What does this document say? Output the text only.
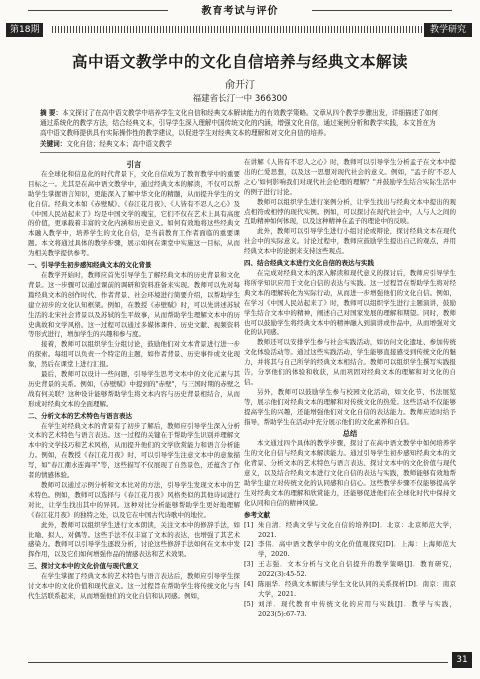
教育考试与评价
第18期	教学研究
高中语文教学中的文化自信培养与经典文本解读
俞开汀
福建省长汀一中 366300
摘 要：本文探讨了在高中语文教学中培养学生文化自信和经典文本解读能力的有效教学策略。文章从四个教学步骤出发，详细描述了如何通过系统化的教学方法，结合经典文本，引导学生深入理解中国传统文化的内涵，增强文化自信，通过案例分析和教学实践，本文旨在为高中语文教师提供具有实际操作性的教学建议，以促进学生对经典文本的理解和对文化自信的培养。
关键词：文化自信；经典文本；高中语文教学

引言

在全球化和信息化的时代背景下，文化自信成为了教育教学中的重要目标之一。尤其是在高中语文教学中，通过经典文本的解读，不仅可以帮助学生掌握语言知识，更能深入了解中华文化的精髓，从而提升学生的文化自信。经典文本如《赤壁赋》、《春江花月夜》、《人皆有不忍人之心》及《中国人民站起来了》均是中国文学的瑰宝，它们不仅在艺术上具有高度的价值，更承载着丰富的文化内涵和历史意义。如何有效地将这些经典文本融入教学中，培养学生的文化自信，是当前教育工作者面临的重要课题。本文将通过具体的教学步骤，展示如何在课堂中实施这一目标，从而为相关教学提供参考。

一、引导学生初步感知经典文本的文化背景

在教学开始时，教师应首先引导学生了解经典文本的历史背景和文化背景。这一步骤可以通过课前的调研和资料准备来实现。教师可以先对每篇经典文本的创作时代、作者背景、社会环境进行简要介绍，以帮助学生建立初步的文化认知框架。例如，在教授《赤壁赋》时，可以先讲述苏轼生活的北宋社会背景以及苏轼的生平故事，从而帮助学生理解文本中的历史典故和文学风格。这一过程可以通过多媒体课件、历史文献、视频资料等形式进行，增加学生的兴趣和参与度。

接着，教师可以组织学生分组讨论，鼓励他们对文本背景进行进一步的探索。每组可以负责一个特定的主题，如作者背景、历史事件或文化现象，然后在课堂上进行汇报。

最后，教师可以设计一些问题，引导学生思考文本中的文化元素与其历史背景的关系。例如，《赤壁赋》中提到的"赤壁"，与三国时期的赤壁之战有何关联？这种设计能够帮助学生将文本内容与历史背景相结合，从而形成对经典文本的全面理解。

二、分析文本的艺术特色与语言表达

在学生对经典文本的背景有了初步了解后，教师应引导学生深入分析文本的艺术特色与语言表达。这一过程的关键在于帮助学生识别并理解文本中的文学技巧和艺术风格，从而提升他们的文学欣赏能力和语言分析能力。例如，在教授《春江花月夜》时，可以引导学生注意文本中的意象描写，如"春江潮水连海平"等，这些描写不仅展现了自然景色，还蕴含了作者的情感体验。

教师可以通过示例分析和文本比对的方法，引导学生发现文本中的艺术特色。例如，教师可以选择与《春江花月夜》风格类似的其他诗词进行对比，让学生找出其中的异同。这种对比分析能够帮助学生更好地理解《春江花月夜》的独特之处，以及它在中国古代诗歌中的地位。

此外，教师可以组织学生进行文本朗读，关注文本中的修辞手法，如比喻、拟人、对偶等。这些手法不仅丰富了文本的表达，也增强了其艺术感染力。教师可以引导学生逐段分析，讨论这些修辞手法如何在文本中发挥作用，以及它们如何增强作品的情感表达和艺术效果。

三、探讨文本中的文化价值与现代意义

在学生掌握了经典文本的艺术特色与语言表达后，教师应引导学生探讨文本中的文化价值和现代意义。这一过程旨在帮助学生将传统文化与当代生活联系起来，从而增强他们的文化自信和认同感。例如，

在讲解《人皆有不忍人之心》时，教师可以引导学生分析孟子在文本中提出的仁爱思想，以及这一思想对现代社会的意义。例如，"孟子的'不忍人之心'如何影响我们对现代社会伦理的理解？"并鼓励学生结合实际生活中的例子进行讨论。

教师可以组织学生进行案例分析，让学生找出与经典文本中提出的观点相符或相悖的现代实例。例如，可以探讨在现代社会中，人与人之间的互助精神如何体现，以及这种精神在孟子的理论中的反映。

此外，教师可以引导学生进行小组讨论或辩论，探讨经典文本在现代社会中的实际意义。讨论过程中，教师应鼓励学生提出自己的观点，并用经典文本中的论据来支持这些观点。

四、结合经典文本进行文化自信的表达与实践

在完成对经典文本的深入解读和现代意义的探讨后，教师应引导学生将所学知识应用于文化自信的表达与实践。这一过程旨在帮助学生将对经典文本的理解转化为实际行动，从而进一步增强他们的文化自信。例如，在学习《中国人民站起来了》时，教师可以组织学生进行主题演讲，鼓励学生结合文本中的精神，阐述自己对国家发展的理解和期望。同时，教师也可以鼓励学生将经典文本中的精神融入到演讲或作品中，从而增强对文化的认同感。

教师还可以安排学生参与社会实践活动，如访问文化遗址、参加传统文化体验活动等。通过这些实践活动，学生能够直接感受到传统文化的魅力，并将其与自己所学的经典文本相结合。教师可以组织学生撰写实践报告，分享他们的体验和收获，从而巩固对经典文本的理解和对文化的自信。

另外，教师可以鼓励学生参与校园文化活动，如文化节、书法展览等，展示他们对经典文本的理解和对传统文化的热爱。这些活动不仅能够提高学生的兴趣，还能增强他们对文化自信的表达能力。教师应适时给予指导，帮助学生在活动中充分展示他们的文化素养和自信。

总结

本文通过四个具体的教学步骤，探讨了在高中语文教学中如何培养学生的文化自信与经典文本解读能力。通过引导学生初步感知经典文本的文化背景、分析文本的艺术特色与语言表达、探讨文本中的文化价值与现代意义，以及结合经典文本进行文化自信的表达与实践，教师能够有效地帮助学生建立对传统文化的认同感和自信心。这些教学步骤不仅能够提高学生对经典文本的理解和欣赏能力，还能够促进他们在全球化时代中保持文化认同和自信的精神风貌。

参考文献

[1] 朱自清．经典文学与文化自信的培养[D]．北京：北京师范大学，2021.

[2] 李伟．高中语文教学中的文化价值观探究[D]．上海：上海师范大学，2020.

[3] 王志强．文本分析与文化自信提升的教学策略[J]．教育研究，2022(3):45-52.

[4] 陈丽华．经典文本解读与学生文化认同的关系探析[D]．南京：南京大学，2021.

[5] 刘洋．现代教育中传统文化的应用与实践[J]．教学与实践，2023(5):67-73.

31
